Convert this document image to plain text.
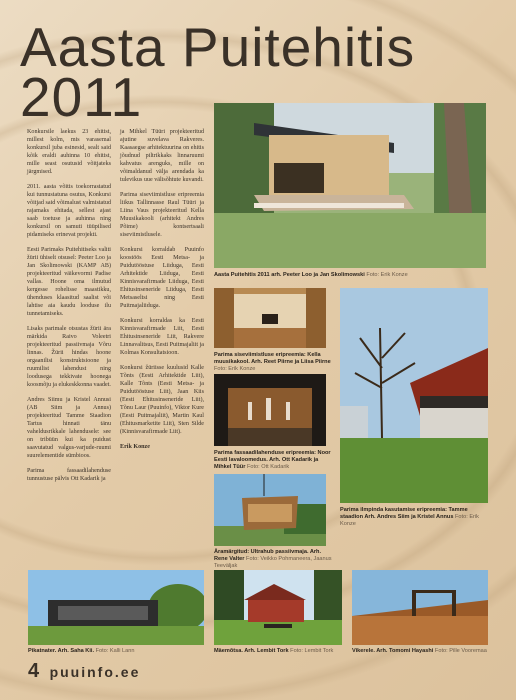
Aasta Puitehitis
2011

Konkursile laekus 23 ehitist, millest kolm, mis varasemal konkursil juba esinesid, sealt said kõik eraldi auhinna 10 ehitist, mille seast osutusid võitjateks järgmised.

2011. aasta võitis toekorrastatud kui tunnustatuna osutus, Konkursi võitjad said võimalust valmistatud rajamaks ehitada, sellest ajast saab toetuse ja auhinna ning konkursil on samuti tüüpilised pidamiseks erinevat projekti.

Eesti Parimaks Puitehitiseks valiti žürii ühiselt otsusel: Peeter Loo ja Jan Skolimowski (KAMP AB) projekteeritud väikevormi Padise vallas. Hoone oma ilmutud kergesse rohelisse maastikku, ühenduses klaasitud saalist või lahtise aia kaudu looduse ilu tunnetamiseks.

Lisaks parimale otsustas žürii ära märkida Raivo Voleetri projekteeritud passiivmaja Võru linnas. Žürii hindas hoone orgaanilisi konstruktsioone ja ruumilist lahendust ning loodusega tekkivate hoonega koosmõju ja elukeskkonna vaadet.

Andres Siimu ja Kristel Annusi (AB Siim ja Annus) projekteeritud Tamme Staadion Tartus hinnati tänu vaheldusrikkale lahendusele: see on tribüün kui ka puidust saavutatud valgus-varjude-ruumi suurelementide sümbioos.

Parima fassaadilahenduse tunnustuse pälvis Ott Kadarik ja

ja Mihkel Tüüri projekteeritud ajutine suvelava Rakveres. Kaasaegse arhitektuurina on ehitis jõudnud piltrikkaks linnaruumi kahvatus arenguks, mille on võimaldanud välja arendada ka tulevikus uue välisõhtute kuvandi.

Parima siseviimistluse eripreemia liikus Tallinnasse Raul Tüüri ja Liina Vaus projekteeritud Kella Muusikakooli (arhitekt Andres Põime) kontsertsaali siseviimistlusele.

Konkursi korraldab Puuinfo koostöös Eesti Metsa- ja Puidutööstuse Liiduga, Eesti Arhitektide Liiduga, Eesti Kinnisvarafirmade Liiduga, Eesti Ehitusinseneride Liiduga, Eesti Metsaseltsi ning Eesti Puitmajaliiduga.

Konkursi korraldas ka Eesti Kinnisvarafirmade Liit, Eesti Ehitusinseneride Liit, Rakvere Linnavalitsus, Eesti Puitmajaliit ja Kolmas Konsultatsioon.

Konkursi žüriisse kuulusid Kalle Tõnts (Eesti Arhitektide Liit), Kalle Tõnts (Eesti Metsa- ja Puidutööstuse Liit), Jaan Kiis (Eesti Ehitusinseneride Liit), Tõnu Laur (Puuinfo), Viktor Kure (Eesti Puitmajaliit), Martin Kaul (Ehitusmarketite Liit), Sten Silde (Kinnisvarafirmade Liit).

Erik Konze

Aasta Puitehitis 2011 arh. Peeter Loo ja Jan Skolimowski Foto: Erik Konze
Parima siseviimistluse eripreemia: Kella muusikakool. Arh. Reet Piirne ja Liisa Piirne Foto: Erik Konze
Parima fassaadilahenduse eripreemia: Noor Eesti lavaloomedus. Arh. Ott Kadarik ja Mihkel Tüür Foto: Ott Kadarik
Äramärgitud: Ultrahub passiivmaja. Arh. Rene Valter Foto: Veikko Pohmaneera, Jaanus Teeväljak
Parima ilmpinda kasutamise eripreemia: Tamme staadion Arh. Andres Siim ja Kristel Annus Foto: Erik Konze
Pikatnater. Arh. Saha Kii. Foto: Kalli Lann	Mäemõtsa. Arh. Lembit Tork Foto: Lembit Tork	Vikerele. Arh. Tomomi Hayashi Foto: Pille Vooremaa
4 puuinfo.ee
